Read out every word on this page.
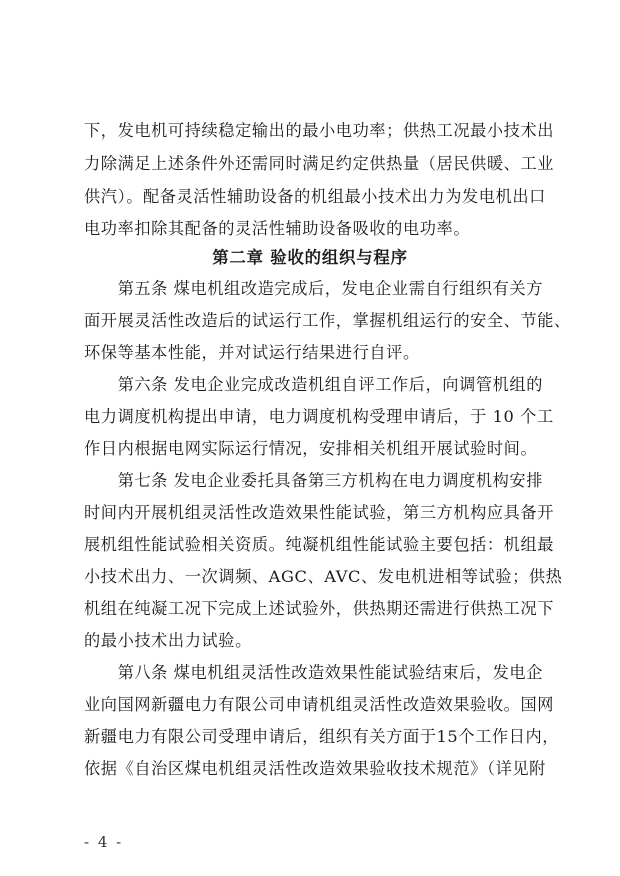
下，发电机可持续稳定输出的最小电功率；供热工况最小技术出
力除满足上述条件外还需同时满足约定供热量（居民供暖、工业
供汽）。配备灵活性辅助设备的机组最小技术出力为发电机出口
电功率扣除其配备的灵活性辅助设备吸收的电功率。
第二章 验收的组织与程序
　　第五条 煤电机组改造完成后，发电企业需自行组织有关方
面开展灵活性改造后的试运行工作，掌握机组运行的安全、节能、
环保等基本性能，并对试运行结果进行自评。
　　第六条 发电企业完成改造机组自评工作后，向调管机组的
电力调度机构提出申请，电力调度机构受理申请后，于 10 个工
作日内根据电网实际运行情况，安排相关机组开展试验时间。
　　第七条 发电企业委托具备第三方机构在电力调度机构安排
时间内开展机组灵活性改造效果性能试验，第三方机构应具备开
展机组性能试验相关资质。纯凝机组性能试验主要包括：机组最
小技术出力、一次调频、AGC、AVC、发电机进相等试验；供热
机组在纯凝工况下完成上述试验外，供热期还需进行供热工况下
的最小技术出力试验。
　　第八条 煤电机组灵活性改造效果性能试验结束后，发电企
业向国网新疆电力有限公司申请机组灵活性改造效果验收。国网
新疆电力有限公司受理申请后，组织有关方面于15个工作日内，
依据《自治区煤电机组灵活性改造效果验收技术规范》（详见附
- 4 -
